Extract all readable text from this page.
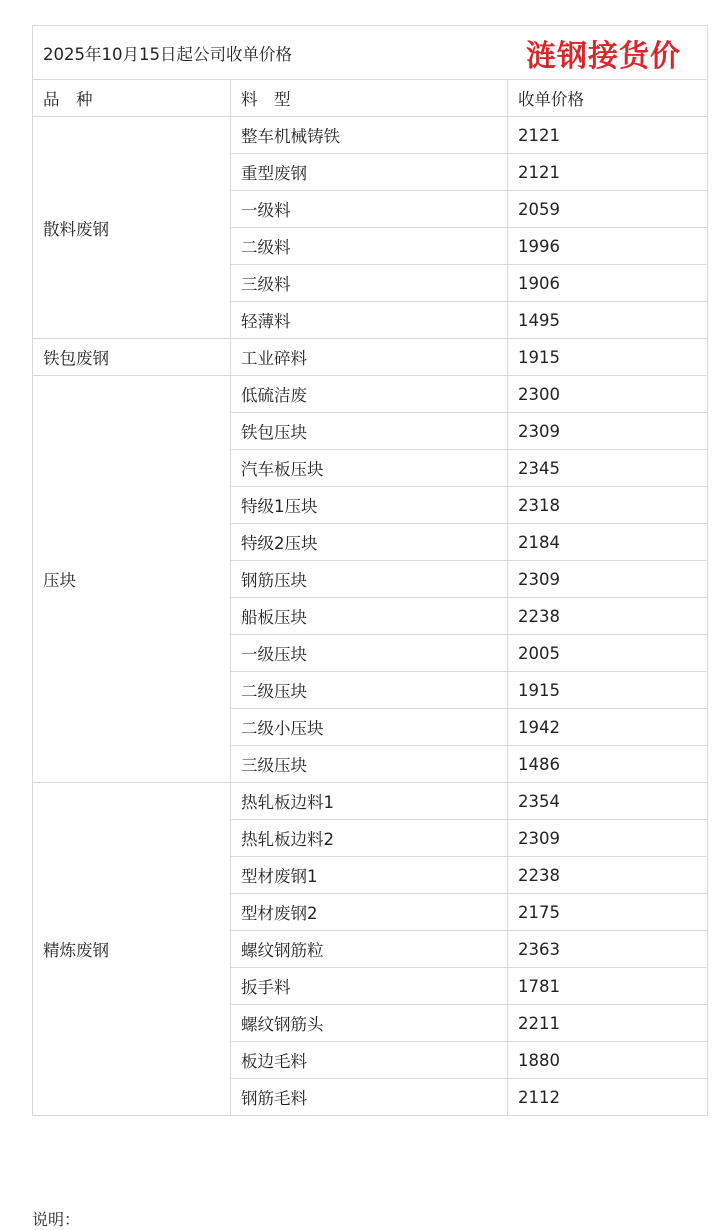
2025年10月15日起公司收单价格 涟钢接货价		

品　种	料　型	收单价格
散料废钢	整车机械铸铁	2121
	重型废钢	2121
	一级料	2059
	二级料	1996
	三级料	1906
	轻薄料	1495
铁包废钢	工业碎料	1915
压块	低硫洁废	2300
	铁包压块	2309
	汽车板压块	2345
	特级1压块	2318
	特级2压块	2184
	钢筋压块	2309
	船板压块	2238
	一级压块	2005
	二级压块	1915
	二级小压块	1942
	三级压块	1486
精炼废钢	热轧板边料1	2354
	热轧板边料2	2309
	型材废钢1	2238
	型材废钢2	2175
	螺纹钢筋粒	2363
	扳手料	1781
	螺纹钢筋头	2211
	板边毛料	1880
	钢筋毛料	2112
说明：
